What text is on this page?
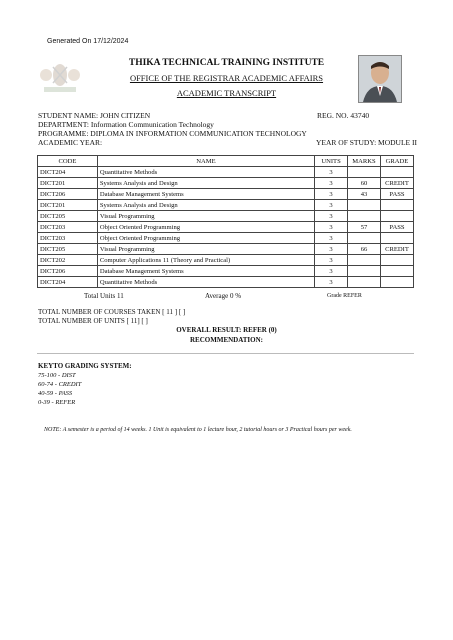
Generated On 17/12/2024
THIKA TECHNICAL TRAINING INSTITUTE
OFFICE OF THE REGISTRAR ACADEMIC AFFAIRS
ACADEMIC TRANSCRIPT
STUDENT NAME: JOHN CITIZEN	REG. NO. 43740
DEPARTMENT: Information Communication Technology
PROGRAMME: DIPLOMA IN INFORMATION COMMUNICATION TECHNOLOGY
ACADEMIC YEAR:	YEAR OF STUDY: MODULE II
CODE	NAME	UNITS	MARKS	GRADE
DICT204	Quantitative Methods	3		
DICT201	Systems Analysis and Design	3	60	CREDIT
DICT206	Database Management Systems	3	43	PASS
DICT201	Systems Analysis and Design	3		
DICT205	Visual Programming	3		
DICT203	Object Oriented Programming	3	57	PASS
DICT203	Object Oriented Programming	3		
DICT205	Visual Programming	3	66	CREDIT
DICT202	Computer Applications 11 (Theory and Practical)	3		
DICT206	Database Management Systems	3		
DICT204	Quantitative Methods	3		
Total Units 11	Average 0 %	Grade REFER
TOTAL NUMBER OF COURSES TAKEN [ 11 ] [ ]
TOTAL NUMBER OF UNITS [ 11] [ ]
OVERALL RESULT: REFER (0)
RECOMMENDATION:
KEYTO GRADING SYSTEM:
75-100 - DIST
60-74 - CREDIT
40-59 - PASS
0-39 - REFER
NOTE: A semester is a period of 14 weeks. 1 Unit is equivalent to 1 lecture hour, 2 tutorial hours or 3 Practical hours per week.
